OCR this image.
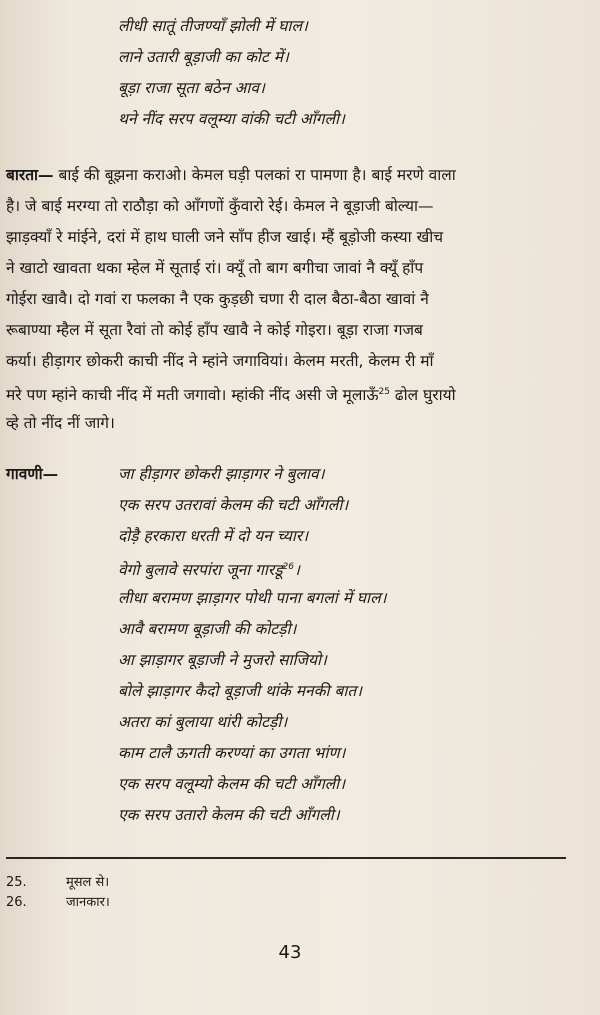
लीधी सातूं तीजण्याँ झोली में घाल।
लाने उतारी बूड़ाजी का कोट में।
बूड़ा राजा सूता बठेन आव।
थने नींद सरप वलूम्या वांकी चटी आँगली।
बारता— बाई की बूझना कराओ। केमल घड़ी पलकां रा पामणा है। बाई मरणे वाला
है। जे बाई मरग्या तो राठौड़ा को आँगणों कुँवारो रेई। केमल ने बूड़ाजी बोल्या—
झाड़क्याँ रे मांईने, दरां में हाथ घाली जने साँप हीज खाई। म्हैं बूड़ोजी कस्या खीच
ने खाटो खावता थका म्हेल में सूताई रां। क्यूँ तो बाग बगीचा जावां नै क्यूँ हाँप
गोईरा खावै। दो गवां रा फलका नै एक कुड़छी चणा री दाल बैठा-बैठा खावां नै
रूबाण्या म्हैल में सूता रैवां तो कोई हाँप खावै ने कोई गोइरा। बूड़ा राजा गजब
कर्या। हीड़ागर छोकरी काची नींद ने म्हांने जगावियां। केलम मरती, केलम री माँ
मरे पण म्हांने काची नींद में मती जगावो। म्हांकी नींद असी जे मूलाऊँ$^{25}$ ढोल घुरायो
व्हे तो नींद नीं जागे।
गावणी—	जा हीड़ागर छोकरी झाड़ागर ने बुलाव।
एक सरप उतरावां केलम की चटी आँगली।
दोड़ै हरकारा धरती में दो यन च्यार।
वेगो बुलावे सरपांरा जूना गारडू$^{26}$।
लीधा बरामण झाड़ागर पोथी पाना बगलां में घाल।
आवै बरामण बूड़ाजी की कोटड़ी।
आ झाड़ागर बूड़ाजी ने मुजरो साजियो।
बोले झाड़ागर कैदो बूड़ाजी थांके मनकी बात।
अतरा कां बुलाया थांरी कोटड़ी।
काम टालै ऊगती करण्यां का उगता भांण।
एक सरप वलूम्यो केलम की चटी आँगली।
एक सरप उतारो केलम की चटी आँगली।
25.	मूसल से।
26.	जानकार।
43
